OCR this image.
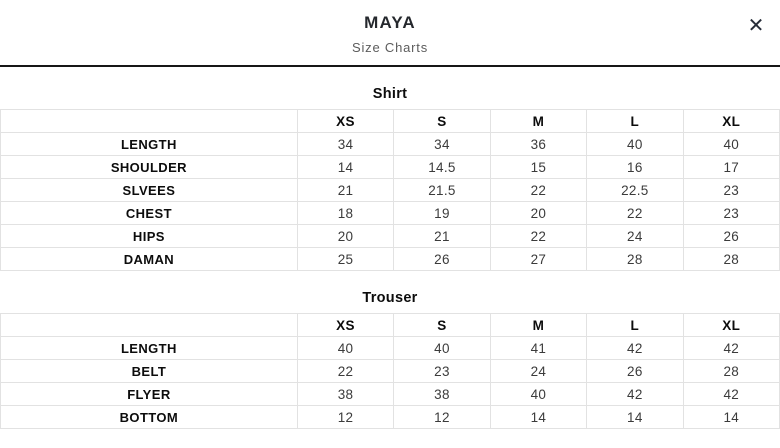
MAYA
Size Charts
✕
Shirt
	XS	S	M	L	XL
LENGTH	34	34	36	40	40
SHOULDER	14	14.5	15	16	17
SLVEES	21	21.5	22	22.5	23
CHEST	18	19	20	22	23
HIPS	20	21	22	24	26
DAMAN	25	26	27	28	28
Trouser
	XS	S	M	L	XL
LENGTH	40	40	41	42	42
BELT	22	23	24	26	28
FLYER	38	38	40	42	42
BOTTOM	12	12	14	14	14
